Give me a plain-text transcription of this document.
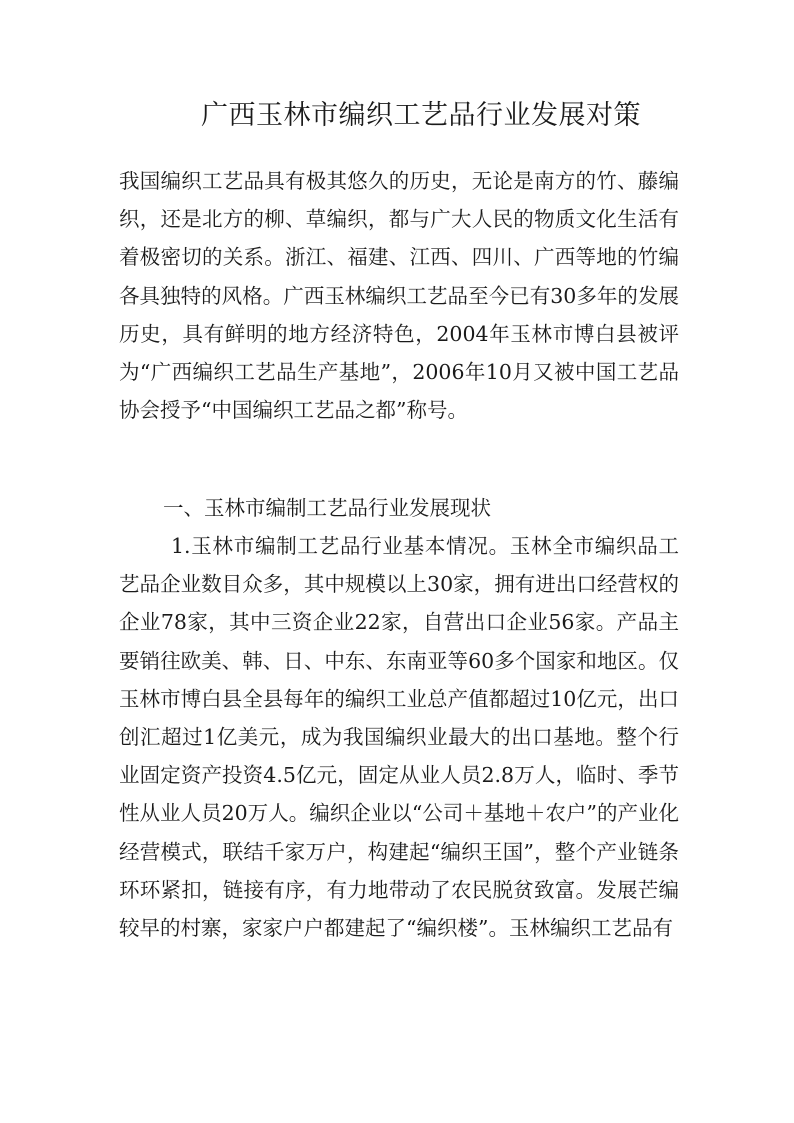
广西玉林市编织工艺品行业发展对策

我国编织工艺品具有极其悠久的历史，无论是南方的竹、藤编织，还是北方的柳、草编织，都与广大人民的物质文化生活有着极密切的关系。浙江、福建、江西、四川、广西等地的竹编各具独特的风格。广西玉林编织工艺品至今已有30多年的发展历史，具有鲜明的地方经济特色，2004年玉林市博白县被评为“广西编织工艺品生产基地”，2006年10月又被中国工艺品协会授予“中国编织工艺品之都”称号。

一、玉林市编制工艺品行业发展现状

1.玉林市编制工艺品行业基本情况。玉林全市编织品工艺品企业数目众多，其中规模以上30家，拥有进出口经营权的企业78家，其中三资企业22家，自营出口企业56家。产品主要销往欧美、韩、日、中东、东南亚等60多个国家和地区。仅玉林市博白县全县每年的编织工业总产值都超过10亿元，出口创汇超过1亿美元，成为我国编织业最大的出口基地。整个行业固定资产投资4.5亿元，固定从业人员2.8万人，临时、季节性从业人员20万人。编织企业以“公司＋基地＋农户”的产业化经营模式，联结千家万户，构建起“编织王国”，整个产业链条环环紧扣，链接有序，有力地带动了农民脱贫致富。发展芒编较早的村寨，家家户户都建起了“编织楼”。玉林编织工艺品有
